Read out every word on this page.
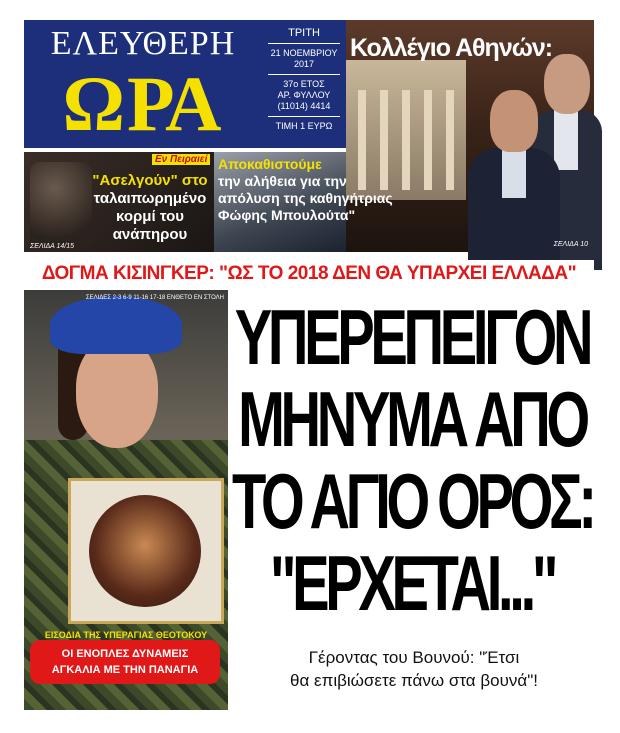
ΕΛΕΥΘΕΡΗ
ΩΡΑ
ΤΡΙΤΗ
21 ΝΟΕΜΒΡΙΟΥ 2017
37ο ΕΤΟΣ
ΑΡ. ΦΥΛΛΟΥ
(11014) 4414
ΤΙΜΗ 1 ΕΥΡΩ
Κολλέγιο Αθηνών:
ΣΕΛΙΔΑ 10
Εν Πειραιεί
"Ασελγούν" στο
ταλαιπωρημένο
κορμί του
ανάπηρου
ΣΕΛΙΔΑ 14/15
Αποκαθιστούμε
την αλήθεια για την
απόλυση της καθηγήτριας
Φώφης Μπουλούτα"
ΔΟΓΜΑ ΚΙΣΙΝΓΚΕΡ: "ΩΣ ΤΟ 2018 ΔΕΝ ΘΑ ΥΠΑΡΧΕΙ ΕΛΛΑΔΑ"
ΣΕΛΙΔΕΣ 2-3 6-9 11-16 17-18 ΕΝΘΕΤΟ ΕΝ ΣΤΟΛΗ
ΕΙΣΟΔΙΑ ΤΗΣ ΥΠΕΡΑΓΙΑΣ ΘΕΟΤΟΚΟΥ
ΟΙ ΕΝΟΠΛΕΣ ΔΥΝΑΜΕΙΣ
ΑΓΚΑΛΙΑ ΜΕ ΤΗΝ ΠΑΝΑΓΙΑ
ΥΠΕΡΕΠΕΙΓΟΝ
ΜΗΝΥΜΑ ΑΠΟ
ΤΟ ΑΓΙΟ ΟΡΟΣ:
"ΕΡΧΕΤΑΙ..."
Γέροντας του Βουνού: "Έτσι
θα επιβιώσετε πάνω στα βουνά"!
